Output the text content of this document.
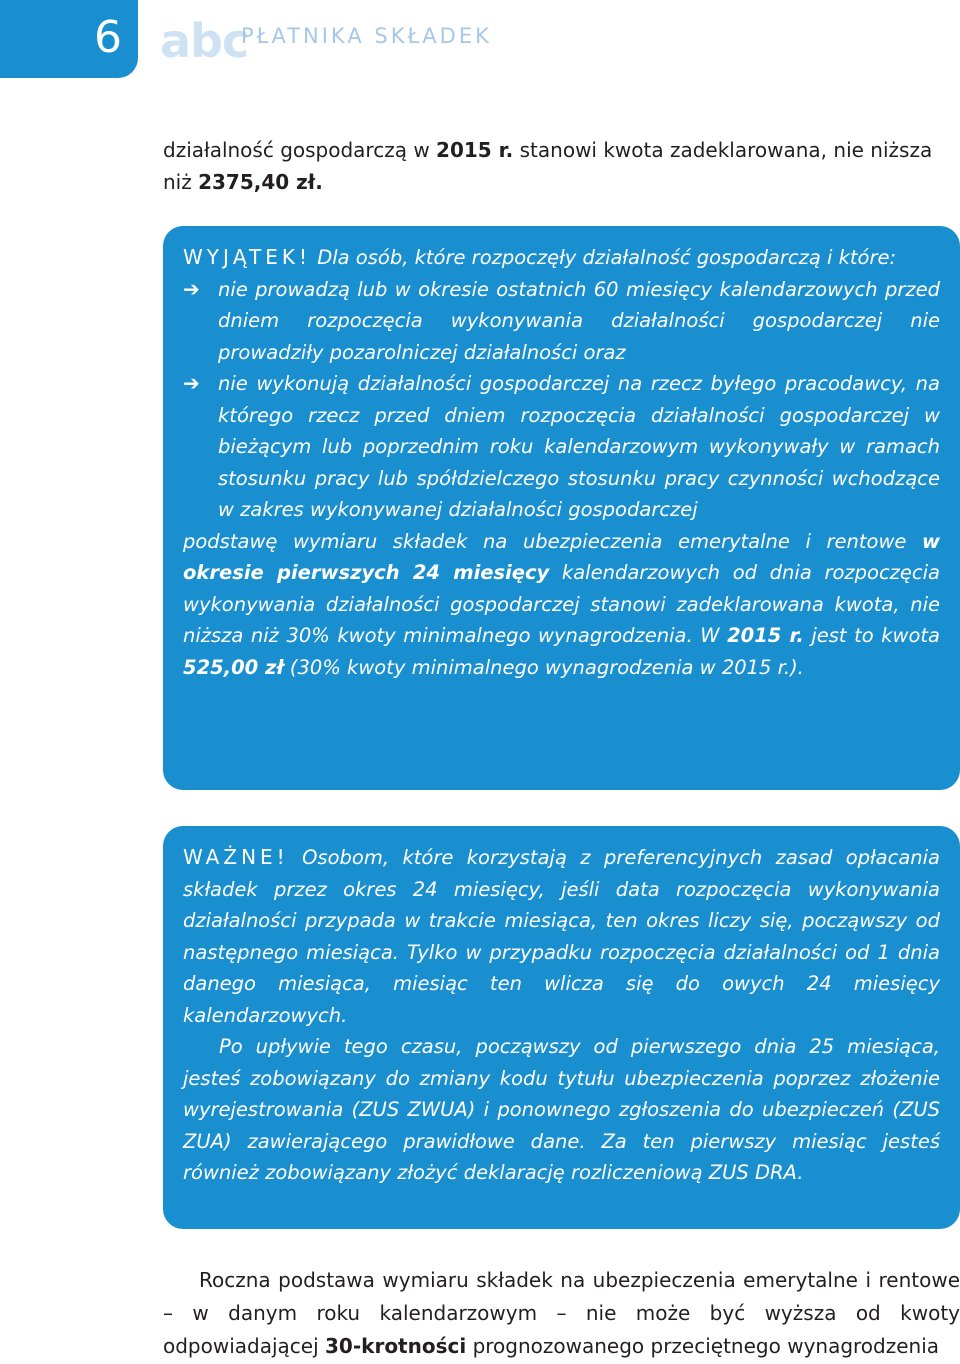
6 abc
PŁATNIKA SKŁADEK
działalność gospodarczą w 2015 r. stanowi kwota zadeklarowana, nie niższa niż 2375,40 zł.
WYJĄTEK! Dla osób, które rozpoczęły działalność gospodarczą i które:
➔ nie prowadzą lub w okresie ostatnich 60 miesięcy kalendarzowych przed dniem rozpoczęcia wykonywania działalności gospodarczej nie prowadziły pozarolniczej działalności oraz
➔ nie wykonują działalności gospodarczej na rzecz byłego pracodawcy, na którego rzecz przed dniem rozpoczęcia działalności gospodarczej w bieżącym lub poprzednim roku kalendarzowym wykonywały w ramach stosunku pracy lub spółdzielczego stosunku pracy czynności wchodzące w zakres wykonywanej działalności gospodarczej
podstawę wymiaru składek na ubezpieczenia emerytalne i rentowe w okresie pierwszych 24 miesięcy kalendarzowych od dnia rozpoczęcia wykonywania działalności gospodarczej stanowi zadeklarowana kwota, nie niższa niż 30% kwoty minimalnego wynagrodzenia. W 2015 r. jest to kwota 525,00 zł (30% kwoty minimalnego wynagrodzenia w 2015 r.).
WAŻNE! Osobom, które korzystają z preferencyjnych zasad opłacania składek przez okres 24 miesięcy, jeśli data rozpoczęcia wykonywania działalności przypada w trakcie miesiąca, ten okres liczy się, począwszy od następnego miesiąca. Tylko w przypadku rozpoczęcia działalności od 1 dnia danego miesiąca, miesiąc ten wlicza się do owych 24 miesięcy kalendarzowych.
Po upływie tego czasu, począwszy od pierwszego dnia 25 miesiąca, jesteś zobowiązany do zmiany kodu tytułu ubezpieczenia poprzez złożenie wyrejestrowania (ZUS ZWUA) i ponownego zgłoszenia do ubezpieczeń (ZUS ZUA) zawierającego prawidłowe dane. Za ten pierwszy miesiąc jesteś również zobowiązany złożyć deklarację rozliczeniową ZUS DRA.
Roczna podstawa wymiaru składek na ubezpieczenia emerytalne i rentowe – w danym roku kalendarzowym – nie może być wyższa od kwoty odpowiadającej 30-krotności prognozowanego przeciętnego wynagrodzenia
